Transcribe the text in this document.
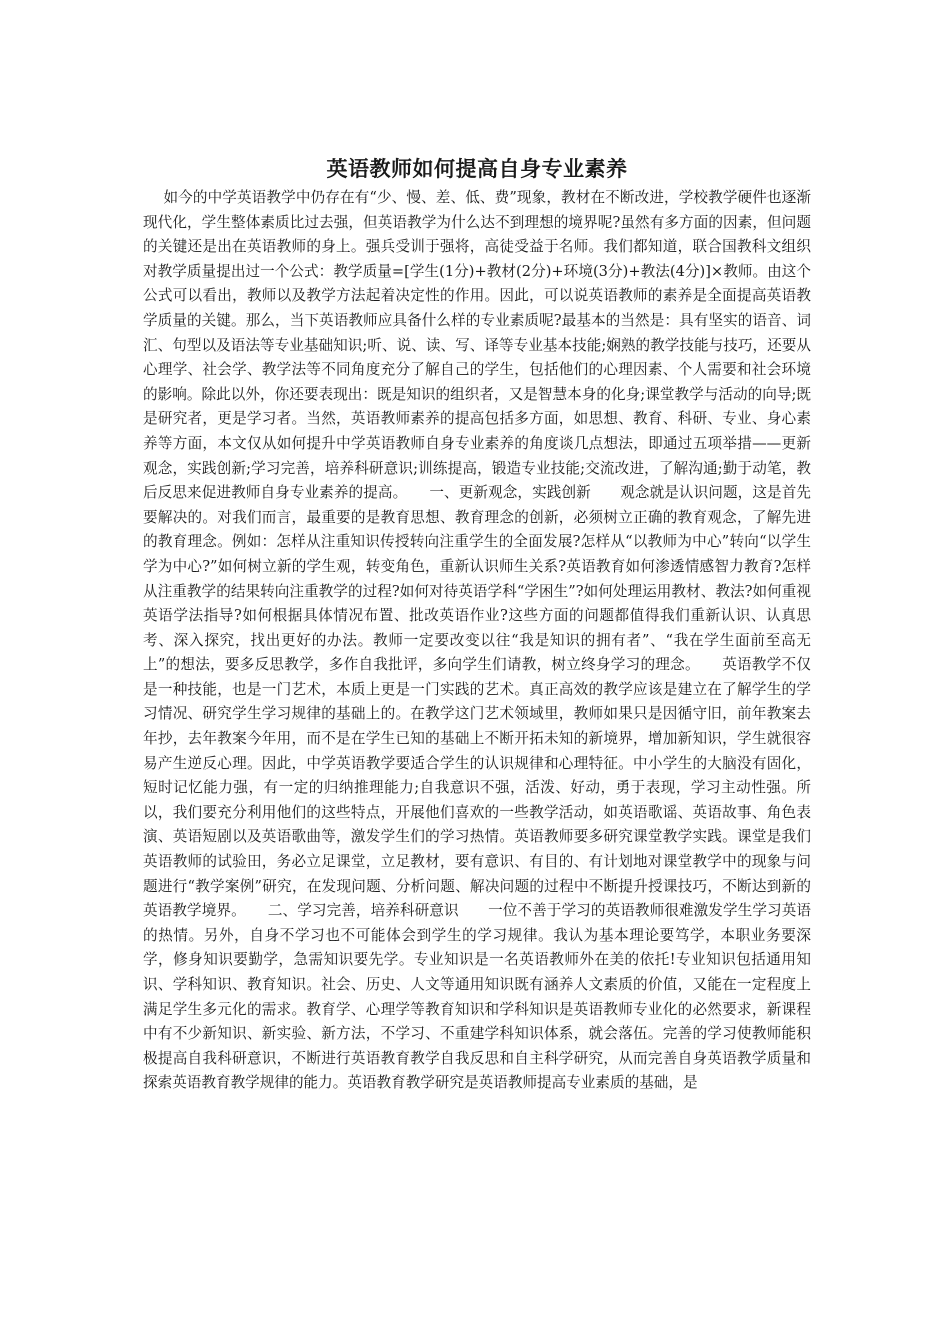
英语教师如何提高自身专业素养

如今的中学英语教学中仍存在有“少、慢、差、低、费”现象，教材在不断改进，学校教学硬件也逐渐现代化，学生整体素质比过去强，但英语教学为什么达不到理想的境界呢?虽然有多方面的因素，但问题的关键还是出在英语教师的身上。强兵受训于强将，高徒受益于名师。我们都知道，联合国教科文组织对教学质量提出过一个公式：教学质量=[学生(1分)+教材(2分)+环境(3分)+教法(4分)]×教师。由这个公式可以看出，教师以及教学方法起着决定性的作用。因此，可以说英语教师的素养是全面提高英语教学质量的关键。那么，当下英语教师应具备什么样的专业素质呢?最基本的当然是：具有坚实的语音、词汇、句型以及语法等专业基础知识;听、说、读、写、译等专业基本技能;娴熟的教学技能与技巧，还要从心理学、社会学、教学法等不同角度充分了解自己的学生，包括他们的心理因素、个人需要和社会环境的影响。除此以外，你还要表现出：既是知识的组织者，又是智慧本身的化身;课堂教学与活动的向导;既是研究者，更是学习者。当然，英语教师素养的提高包括多方面，如思想、教育、科研、专业、身心素养等方面，本文仅从如何提升中学英语教师自身专业素养的角度谈几点想法，即通过五项举措——更新观念，实践创新;学习完善，培养科研意识;训练提高，锻造专业技能;交流改进，了解沟通;勤于动笔，教后反思来促进教师自身专业素养的提高。　　一、更新观念，实践创新　　观念就是认识问题，这是首先要解决的。对我们而言，最重要的是教育思想、教育理念的创新，必须树立正确的教育观念，了解先进的教育理念。例如：怎样从注重知识传授转向注重学生的全面发展?怎样从“以教师为中心”转向“以学生学为中心?”如何树立新的学生观，转变角色，重新认识师生关系?英语教育如何渗透情感智力教育?怎样从注重教学的结果转向注重教学的过程?如何对待英语学科“学困生”?如何处理运用教材、教法?如何重视英语学法指导?如何根据具体情况布置、批改英语作业?这些方面的问题都值得我们重新认识、认真思考、深入探究，找出更好的办法。教师一定要改变以往“我是知识的拥有者”、“我在学生面前至高无上”的想法，要多反思教学，多作自我批评，多向学生们请教，树立终身学习的理念。　　英语教学不仅是一种技能，也是一门艺术，本质上更是一门实践的艺术。真正高效的教学应该是建立在了解学生的学习情况、研究学生学习规律的基础上的。在教学这门艺术领域里，教师如果只是因循守旧，前年教案去年抄，去年教案今年用，而不是在学生已知的基础上不断开拓未知的新境界，增加新知识，学生就很容易产生逆反心理。因此，中学英语教学要适合学生的认识规律和心理特征。中小学生的大脑没有固化，短时记忆能力强，有一定的归纳推理能力;自我意识不强，活泼、好动，勇于表现，学习主动性强。所以，我们要充分利用他们的这些特点，开展他们喜欢的一些教学活动，如英语歌谣、英语故事、角色表演、英语短剧以及英语歌曲等，激发学生们的学习热情。英语教师要多研究课堂教学实践。课堂是我们英语教师的试验田，务必立足课堂，立足教材，要有意识、有目的、有计划地对课堂教学中的现象与问题进行“教学案例”研究，在发现问题、分析问题、解决问题的过程中不断提升授课技巧，不断达到新的英语教学境界。　　二、学习完善，培养科研意识　　一位不善于学习的英语教师很难激发学生学习英语的热情。另外，自身不学习也不可能体会到学生的学习规律。我认为基本理论要笃学，本职业务要深学，修身知识要勤学，急需知识要先学。专业知识是一名英语教师外在美的依托!专业知识包括通用知识、学科知识、教育知识。社会、历史、人文等通用知识既有涵养人文素质的价值，又能在一定程度上满足学生多元化的需求。教育学、心理学等教育知识和学科知识是英语教师专业化的必然要求，新课程中有不少新知识、新实验、新方法，不学习、不重建学科知识体系，就会落伍。完善的学习使教师能积极提高自我科研意识，不断进行英语教育教学自我反思和自主科学研究，从而完善自身英语教学质量和探索英语教育教学规律的能力。英语教育教学研究是英语教师提高专业素质的基础，是
